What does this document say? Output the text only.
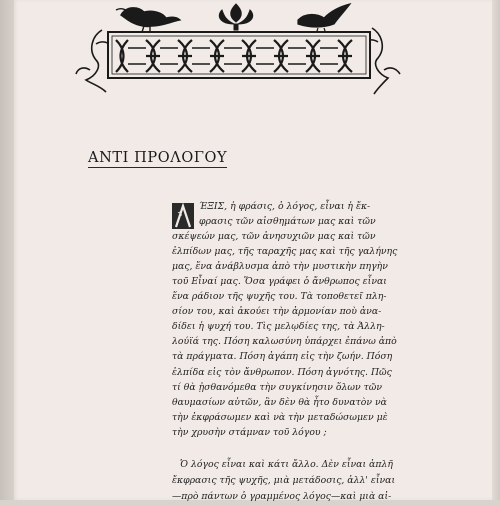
ΑΝΤΙ ΠΡΟΛΟΓΟΥ
ΈΞΙΣ, ἡ φράσις, ὁ λόγος, εἶναι ἡ ἔκ-
φρασις τῶν αἰσθημάτων μας καὶ τῶν
σκέψεών μας, τῶν ἀνησυχιῶν μας καὶ τῶν
ἐλπίδων μας, τῆς ταραχῆς μας καὶ τῆς γαλήνης
μας, ἕνα ἀνάβλυσμα ἀπὸ τὴν μυστικὴν πηγὴν
τοῦ Εἶναί μας. Ὅσα γράφει ὁ ἄνθρωπος εἶναι
ἕνα ράδιον τῆς ψυχῆς του. Τὰ τοποθετεῖ πλη-
σίον του, καὶ ἀκούει τὴν ἁρμονίαν ποὺ ἀνα-
δίδει ἡ ψυχή του. Τὶς μελῳδίες της, τὰ Ἀλλη-
λούϊά της. Πόση καλωσύνη ὑπάρχει ἐπάνω ἀπὸ
τὰ πράγματα. Πόση ἀγάπη εἰς τὴν ζωήν. Πόση
ἐλπίδα εἰς τὸν ἄνθρωπον. Πόση ἀγνότης. Πῶς
τί θὰ ᾐσθανόμεθα τὴν συγκίνησιν ὅλων τῶν
θαυμασίων αὐτῶν, ἂν δὲν θὰ ἦτο δυνατὸν νὰ
τὴν ἐκφράσωμεν καὶ νὰ τὴν μεταδώσωμεν μὲ
τὴν χρυσὴν στάμναν τοῦ λόγου ;
Ὁ λόγος εἶναι καὶ κάτι ἄλλο. Δὲν εἶναι ἁπλῆ
ἔκφρασις τῆς ψυχῆς, μιὰ μετάδοσις, ἀλλ' εἶναι
—πρὸ πάντων ὁ γραμμένος λόγος—καὶ μιὰ αἰ-
